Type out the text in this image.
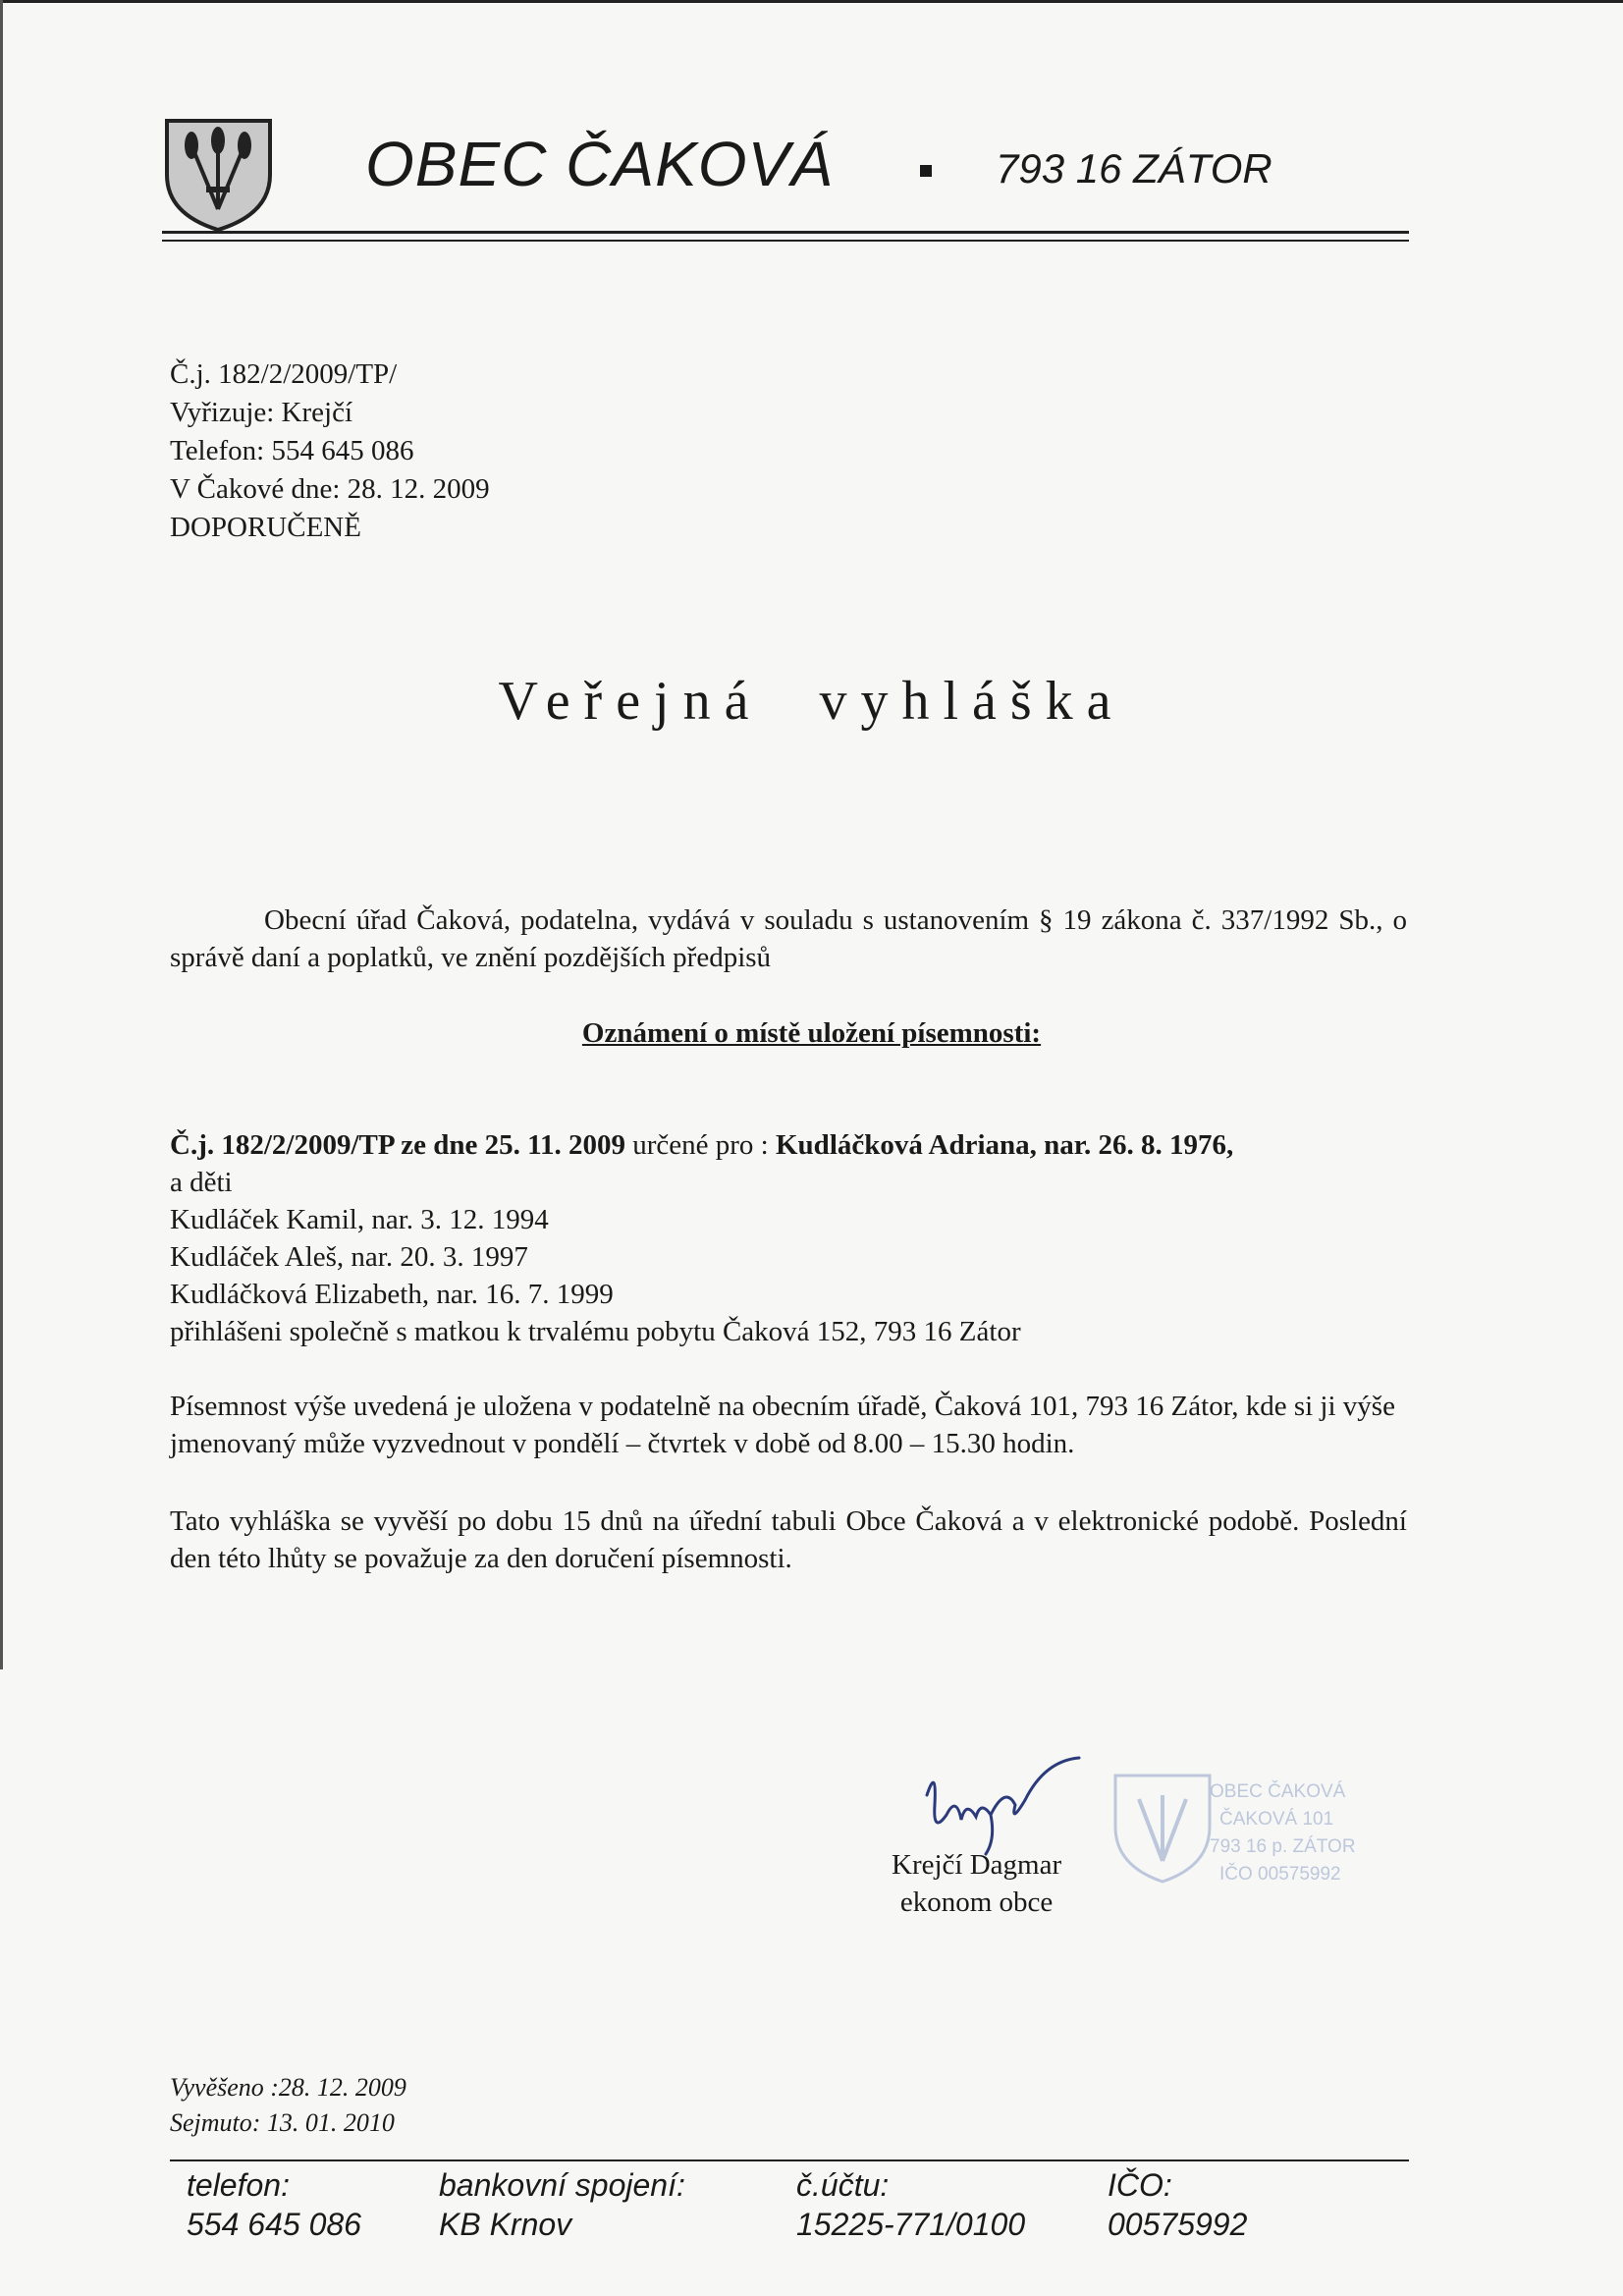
OBEC ČAKOVÁ	793 16 ZÁTOR
Č.j. 182/2/2009/TP/
Vyřizuje: Krejčí
Telefon: 554 645 086
V Čakové dne: 28. 12. 2009
DOPORUČENĚ
Veřejná vyhláška
Obecní úřad Čaková, podatelna, vydává v souladu s ustanovením § 19 zákona č. 337/1992 Sb., o správě daní a poplatků, ve znění pozdějších předpisů
Oznámení o místě uložení písemnosti:
Č.j. 182/2/2009/TP ze dne 25. 11. 2009 určené pro : Kudláčková Adriana, nar. 26. 8. 1976,
a děti
Kudláček Kamil, nar. 3. 12. 1994
Kudláček Aleš, nar. 20. 3. 1997
Kudláčková Elizabeth, nar. 16. 7. 1999
přihlášeni společně s matkou k trvalému pobytu Čaková 152, 793 16 Zátor
Písemnost výše uvedená je uložena v podatelně na obecním úřadě, Čaková 101, 793 16 Zátor, kde si ji výše jmenovaný může vyzvednout v pondělí – čtvrtek v době od 8.00 – 15.30 hodin.
Tato vyhláška se vyvěší po dobu 15 dnů na úřední tabuli Obce Čaková a v elektronické podobě. Poslední den této lhůty se považuje za den doručení písemnosti.
Krejčí Dagmar
ekonom obce
OBEC ČAKOVÁ
ČAKOVÁ 101
793 16 p. ZÁTOR
IČO 00575992
Vyvěšeno :28. 12. 2009
Sejmuto: 13. 01. 2010
telefon:
554 645 086
bankovní spojení:
KB Krnov
č.účtu:
15225-771/0100
IČO:
00575992
